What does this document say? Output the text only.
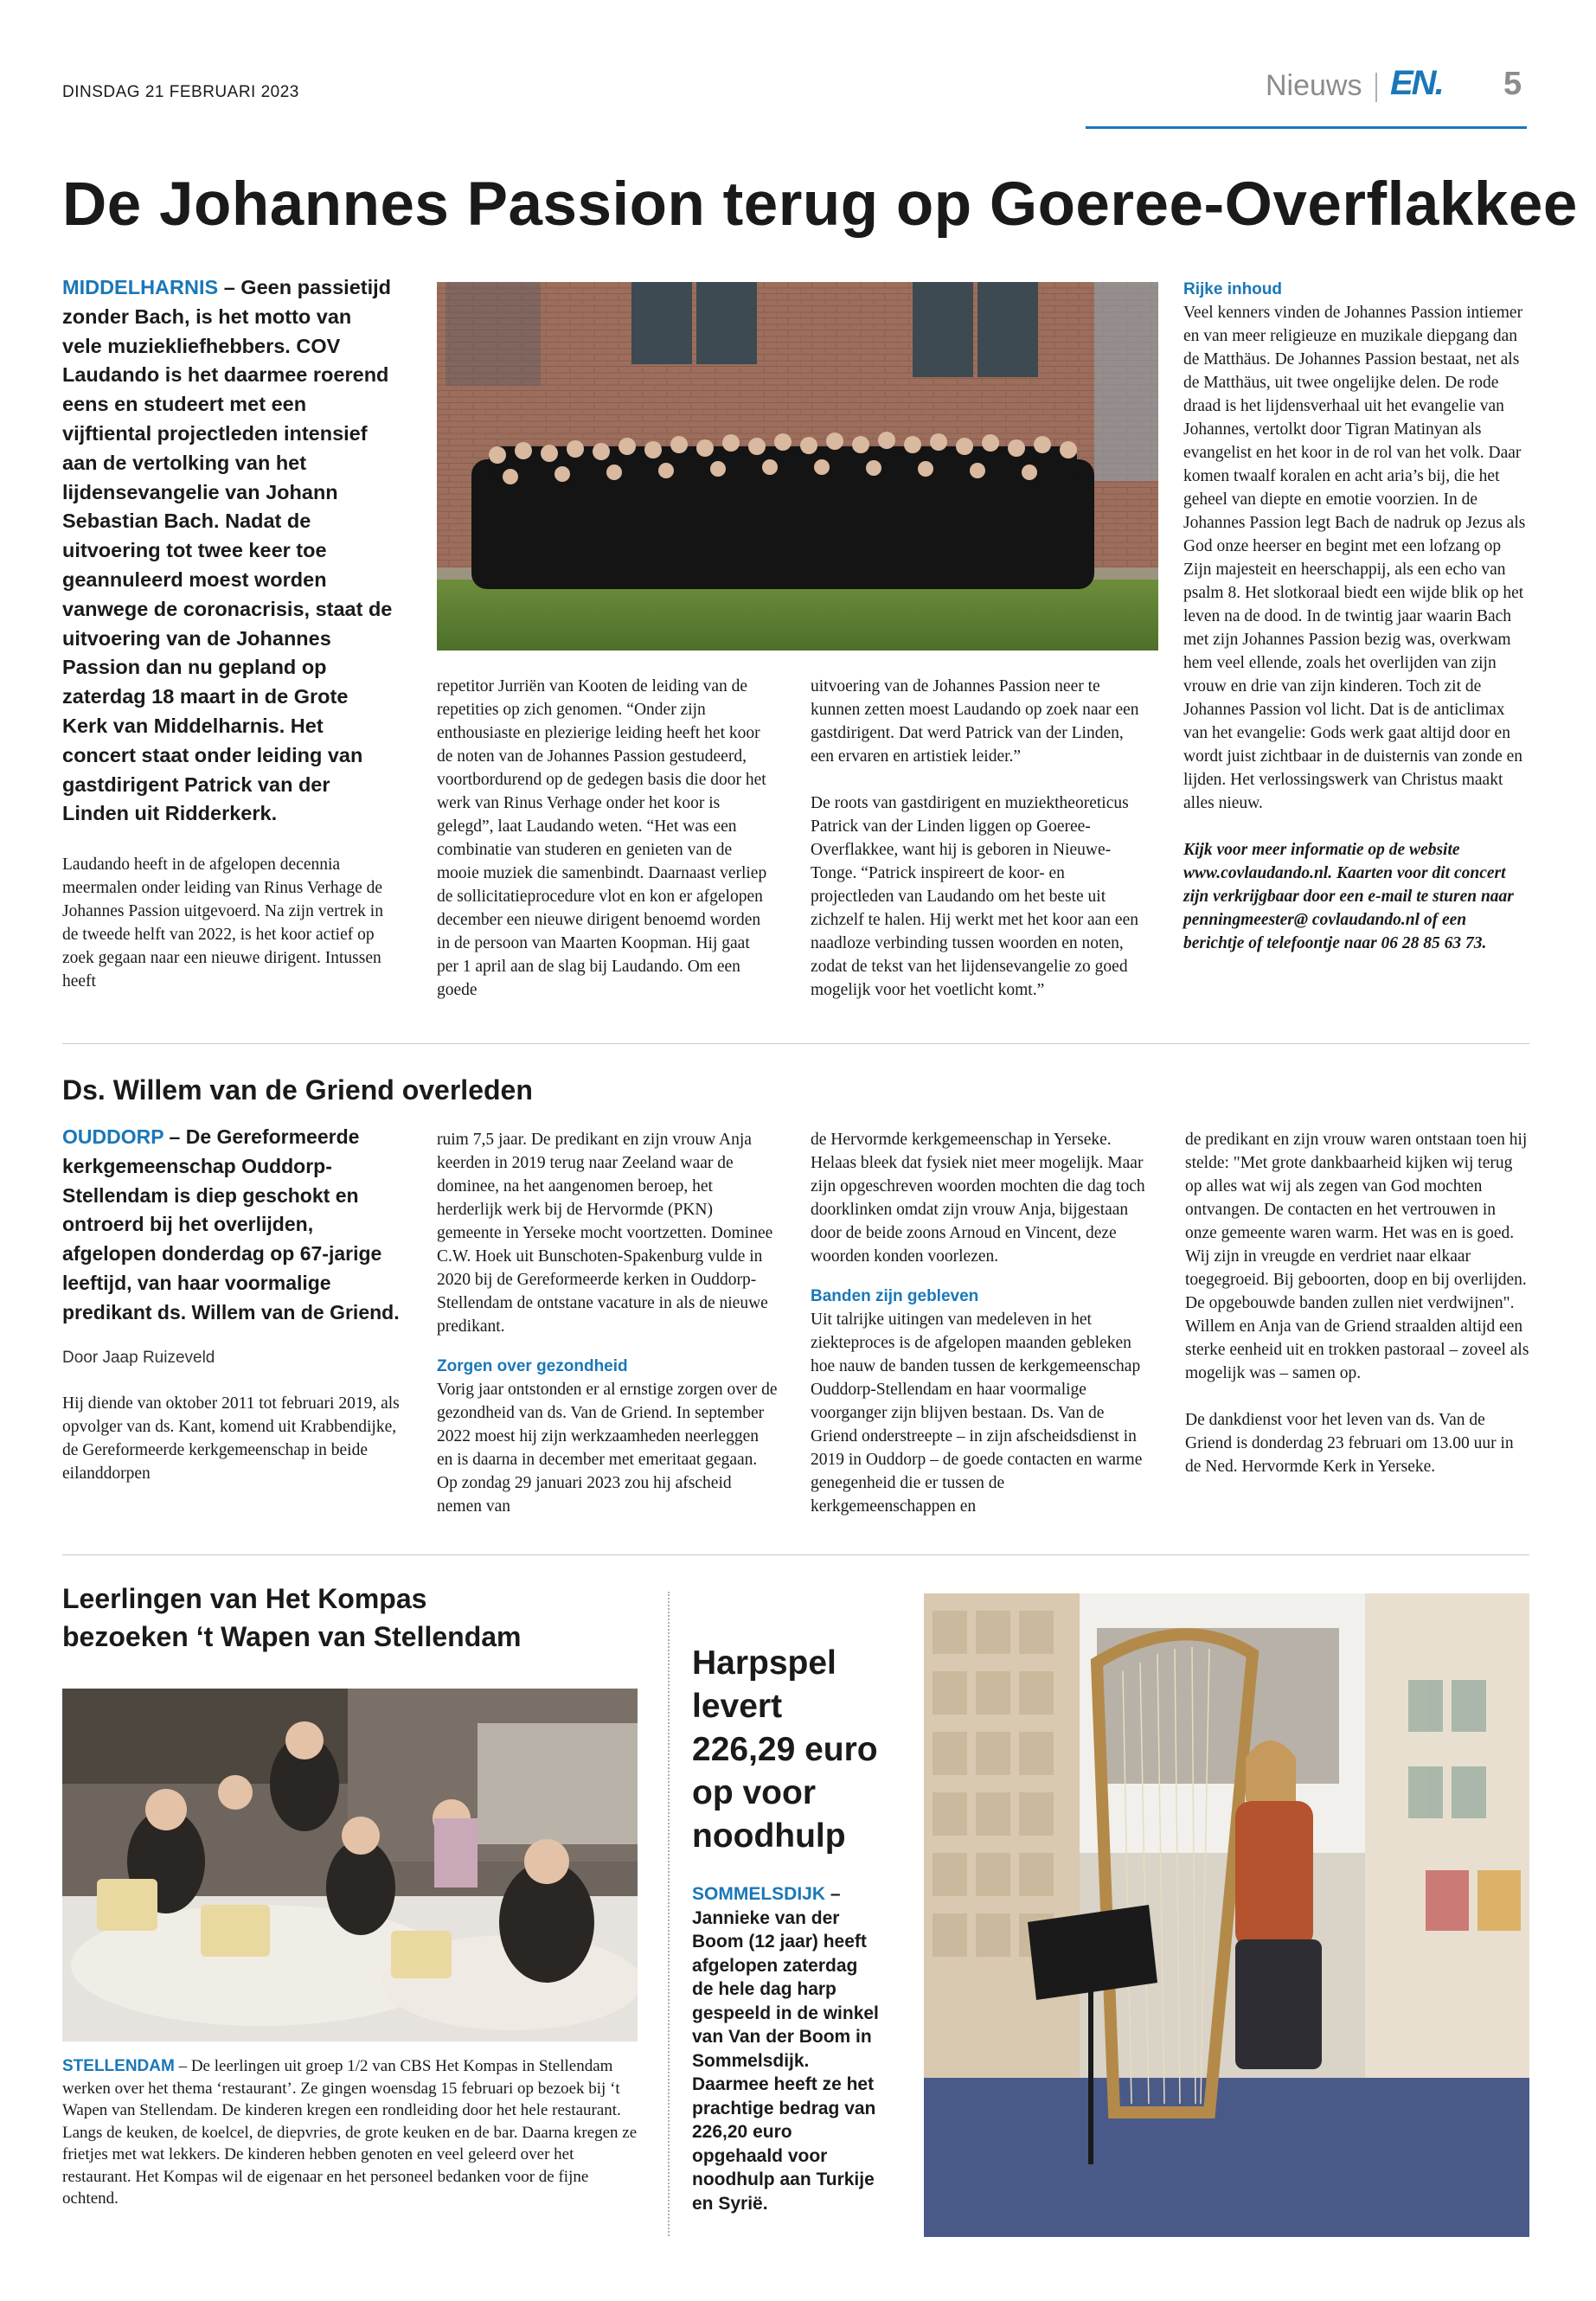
DINSDAG 21 FEBRUARI 2023	Nieuws EN. 5
De Johannes Passion terug op Goeree-Overflakkee

MIDDELHARNIS – Geen passietijd zonder Bach, is het motto van vele muziekliefhebbers. COV Laudando is het daarmee roerend eens en studeert met een vijftiental projectleden intensief aan de vertolking van het lijdensevangelie van Johann Sebastian Bach. Nadat de uitvoering tot twee keer toe geannuleerd moest worden vanwege de coronacrisis, staat de uitvoering van de Johannes Passion dan nu gepland op zaterdag 18 maart in de Grote Kerk van Middelharnis. Het concert staat onder leiding van gastdirigent Patrick van der Linden uit Ridderkerk.

Laudando heeft in de afgelopen decennia meermalen onder leiding van Rinus Verhage de Johannes Passion uitgevoerd. Na zijn vertrek in de tweede helft van 2022, is het koor actief op zoek gegaan naar een nieuwe dirigent. Intussen heeft

repetitor Jurriën van Kooten de leiding van de repetities op zich genomen. “Onder zijn enthousiaste en plezierige leiding heeft het koor de noten van de Johannes Passion gestudeerd, voortbordurend op de gedegen basis die door het werk van Rinus Verhage onder het koor is gelegd”, laat Laudando weten. “Het was een combinatie van studeren en genieten van de mooie muziek die samenbindt. Daarnaast verliep de sollicitatieprocedure vlot en kon er afgelopen december een nieuwe dirigent benoemd worden in de persoon van Maarten Koopman. Hij gaat per 1 april aan de slag bij Laudando. Om een goede

uitvoering van de Johannes Passion neer te kunnen zetten moest Laudando op zoek naar een gastdirigent. Dat werd Patrick van der Linden, een ervaren en artistiek leider.”

De roots van gastdirigent en muziektheoreticus Patrick van der Linden liggen op Goeree-Overflakkee, want hij is geboren in Nieuwe-Tonge. “Patrick inspireert de koor- en projectleden van Laudando om het beste uit zichzelf te halen. Hij werkt met het koor aan een naadloze verbinding tussen woorden en noten, zodat de tekst van het lijdensevangelie zo goed mogelijk voor het voetlicht komt.”

Rijke inhoud

Veel kenners vinden de Johannes Passion intiemer en van meer religieuze en muzikale diepgang dan de Matthäus. De Johannes Passion bestaat, net als de Matthäus, uit twee ongelijke delen. De rode draad is het lijdensverhaal uit het evangelie van Johannes, vertolkt door Tigran Matinyan als evangelist en het koor in de rol van het volk. Daar komen twaalf koralen en acht aria’s bij, die het geheel van diepte en emotie voorzien. In de Johannes Passion legt Bach de nadruk op Jezus als God onze heerser en begint met een lofzang op Zijn majesteit en heerschappij, als een echo van psalm 8. Het slotkoraal biedt een wijde blik op het leven na de dood. In de twintig jaar waarin Bach met zijn Johannes Passion bezig was, overkwam hem veel ellende, zoals het overlijden van zijn vrouw en drie van zijn kinderen. Toch zit de Johannes Passion vol licht. Dat is de anticlimax van het evangelie: Gods werk gaat altijd door en wordt juist zichtbaar in de duisternis van zonde en lijden. Het verlossingswerk van Christus maakt alles nieuw.

Kijk voor meer informatie op de website www.covlaudando.nl. Kaarten voor dit concert zijn verkrijgbaar door een e-mail te sturen naar penningmeester@ covlaudando.nl of een berichtje of telefoontje naar 06 28 85 63 73.

Ds. Willem van de Griend overleden

OUDDORP – De Gereformeerde kerkgemeenschap Ouddorp-Stellendam is diep geschokt en ontroerd bij het overlijden, afgelopen donderdag op 67-jarige leeftijd, van haar voormalige predikant ds. Willem van de Griend.

Door Jaap Ruizeveld

Hij diende van oktober 2011 tot februari 2019, als opvolger van ds. Kant, komend uit Krabbendijke, de Gereformeerde kerkgemeenschap in beide eilanddorpen

ruim 7,5 jaar. De predikant en zijn vrouw Anja keerden in 2019 terug naar Zeeland waar de dominee, na het aangenomen beroep, het herderlijk werk bij de Hervormde (PKN) gemeente in Yerseke mocht voortzetten. Dominee C.W. Hoek uit Bunschoten-Spakenburg vulde in 2020 bij de Gereformeerde kerken in Ouddorp-Stellendam de ontstane vacature in als de nieuwe predikant.

Zorgen over gezondheid

Vorig jaar ontstonden er al ernstige zorgen over de gezondheid van ds. Van de Griend. In september 2022 moest hij zijn werkzaamheden neerleggen en is daarna in december met emeritaat gegaan. Op zondag 29 januari 2023 zou hij afscheid nemen van

de Hervormde kerkgemeenschap in Yerseke. Helaas bleek dat fysiek niet meer mogelijk. Maar zijn opgeschreven woorden mochten die dag toch doorklinken omdat zijn vrouw Anja, bijgestaan door de beide zoons Arnoud en Vincent, deze woorden konden voorlezen.

Banden zijn gebleven

Uit talrijke uitingen van medeleven in het ziekteproces is de afgelopen maanden gebleken hoe nauw de banden tussen de kerkgemeenschap Ouddorp-Stellendam en haar voormalige voorganger zijn blijven bestaan. Ds. Van de Griend onderstreepte – in zijn afscheidsdienst in 2019 in Ouddorp – de goede contacten en warme genegenheid die er tussen de kerkgemeenschappen en

de predikant en zijn vrouw waren ontstaan toen hij stelde: "Met grote dankbaarheid kijken wij terug op alles wat wij als zegen van God mochten ontvangen. De contacten en het vertrouwen in onze gemeente waren warm. Het was en is goed. Wij zijn in vreugde en verdriet naar elkaar toegegroeid. Bij geboorten, doop en bij overlijden. De opgebouwde banden zullen niet verdwijnen". Willem en Anja van de Griend straalden altijd een sterke eenheid uit en trokken pastoraal – zoveel als mogelijk was – samen op.

De dankdienst voor het leven van ds. Van de Griend is donderdag 23 februari om 13.00 uur in de Ned. Hervormde Kerk in Yerseke.

Leerlingen van Het Kompas
bezoeken ‘t Wapen van Stellendam

STELLENDAM – De leerlingen uit groep 1/2 van CBS Het Kompas in Stellendam werken over het thema ‘restaurant’. Ze gingen woensdag 15 februari op bezoek bij ‘t Wapen van Stellendam. De kinderen kregen een rondleiding door het hele restaurant. Langs de keuken, de koelcel, de diepvries, de grote keuken en de bar. Daarna kregen ze frietjes met wat lekkers. De kinderen hebben genoten en veel geleerd over het restaurant. Het Kompas wil de eigenaar en het personeel bedanken voor de fijne ochtend.

Harpspel
levert
226,29 euro
op voor
noodhulp

SOMMELSDIJK – Jannieke van der Boom (12 jaar) heeft afgelopen zaterdag de hele dag harp gespeeld in de winkel van Van der Boom in Sommelsdijk. Daarmee heeft ze het prachtige bedrag van 226,20 euro opgehaald voor noodhulp aan Turkije en Syrië.
